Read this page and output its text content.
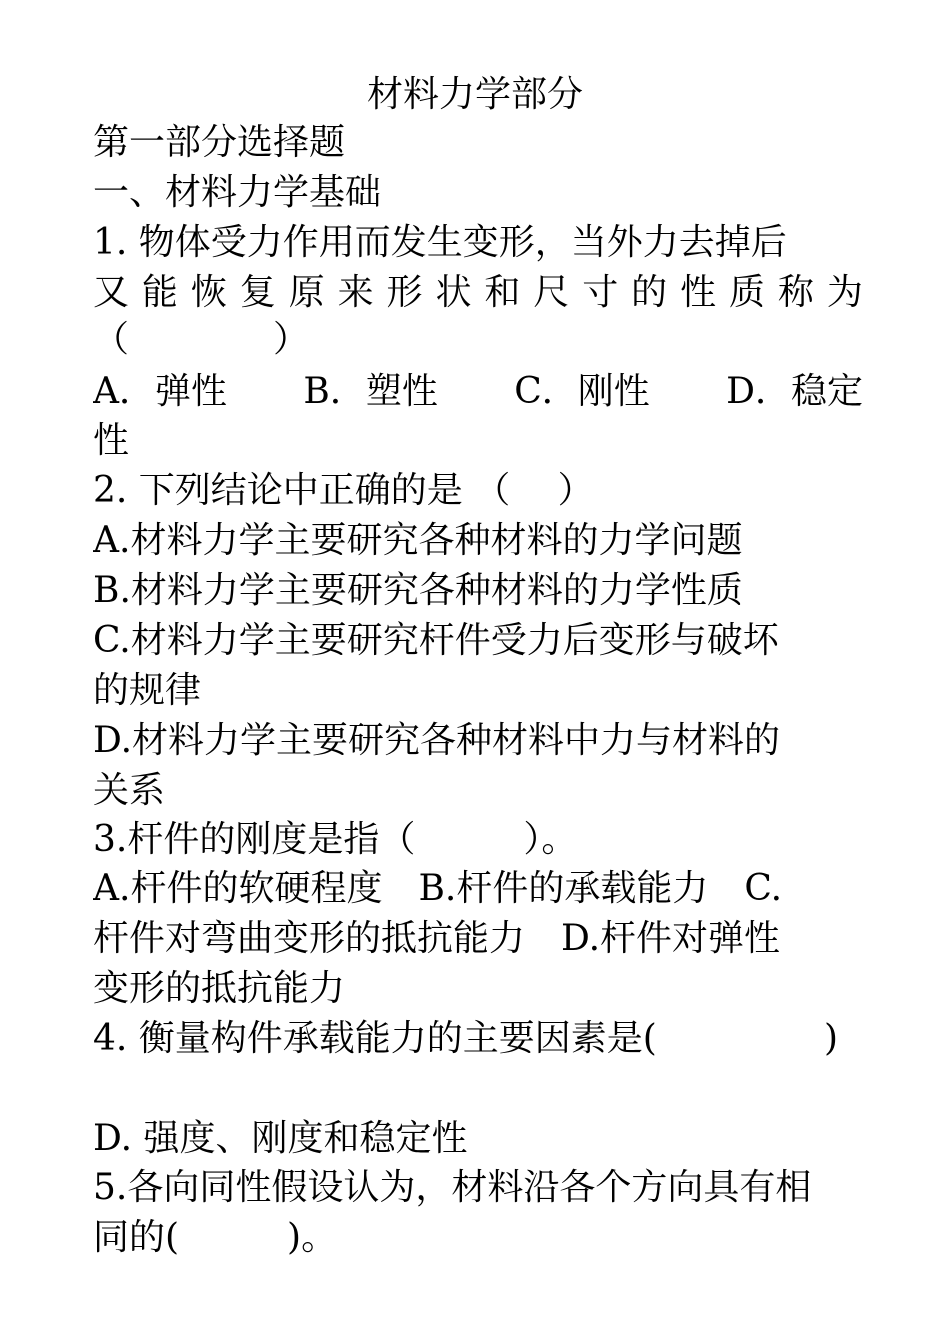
材料力学部分
第一部分选择题
一、材料力学基础
1. 物体受力作用而发生变形，当外力去掉后
又 能 恢 复 原 来 形 状 和 尺 寸 的 性 质 称 为
（　　　　）
A．弹性 B．塑性 C．刚性 D．稳定
性
2. 下列结论中正确的是 （　 ）
A.材料力学主要研究各种材料的力学问题
B.材料力学主要研究各种材料的力学性质
C.材料力学主要研究杆件受力后变形与破坏
的规律
D.材料力学主要研究各种材料中力与材料的
关系
3.杆件的刚度是指（　　　）。
A.杆件的软硬程度　B.杆件的承载能力　C.
杆件对弯曲变形的抵抗能力　D.杆件对弹性
变形的抵抗能力
4. 衡量构件承载能力的主要因素是(	)

D. 强度、刚度和稳定性
5.各向同性假设认为，材料沿各个方向具有相
同的(　　　)。
